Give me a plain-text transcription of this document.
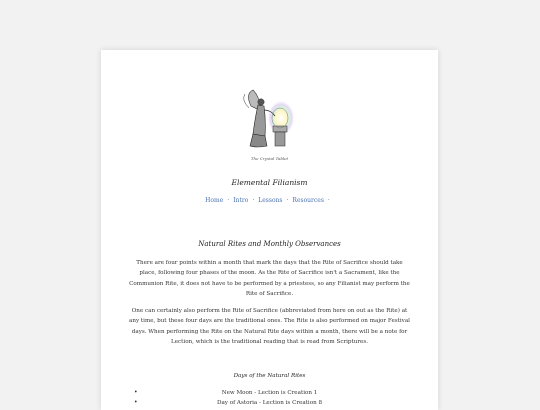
The Crystal Tablet
Elemental Filianism
Home · Intro · Lessons · Resources ·
Natural Rites and Monthly Observances

There are four points within a month that mark the days that the Rite of Sacrifice should take place, following four phases of the moon. As the Rite of Sacrifice isn't a Sacrament, like the Communion Rite, it does not have to be performed by a priestess, so any Filianist may perform the Rite of Sacrifice.

One can certainly also perform the Rite of Sacrifice (abbreviated from here on out as the Rite) at any time, but these four days are the traditional ones. The Rite is also performed on major Festival days. When performing the Rite on the Natural Rite days within a month, there will be a note for Lection, which is the traditional reading that is read from Scriptures.

Days of the Natural Rites
•	New Moon - Lection is Creation 1
•	Day of Astoria - Lection is Creation 8
